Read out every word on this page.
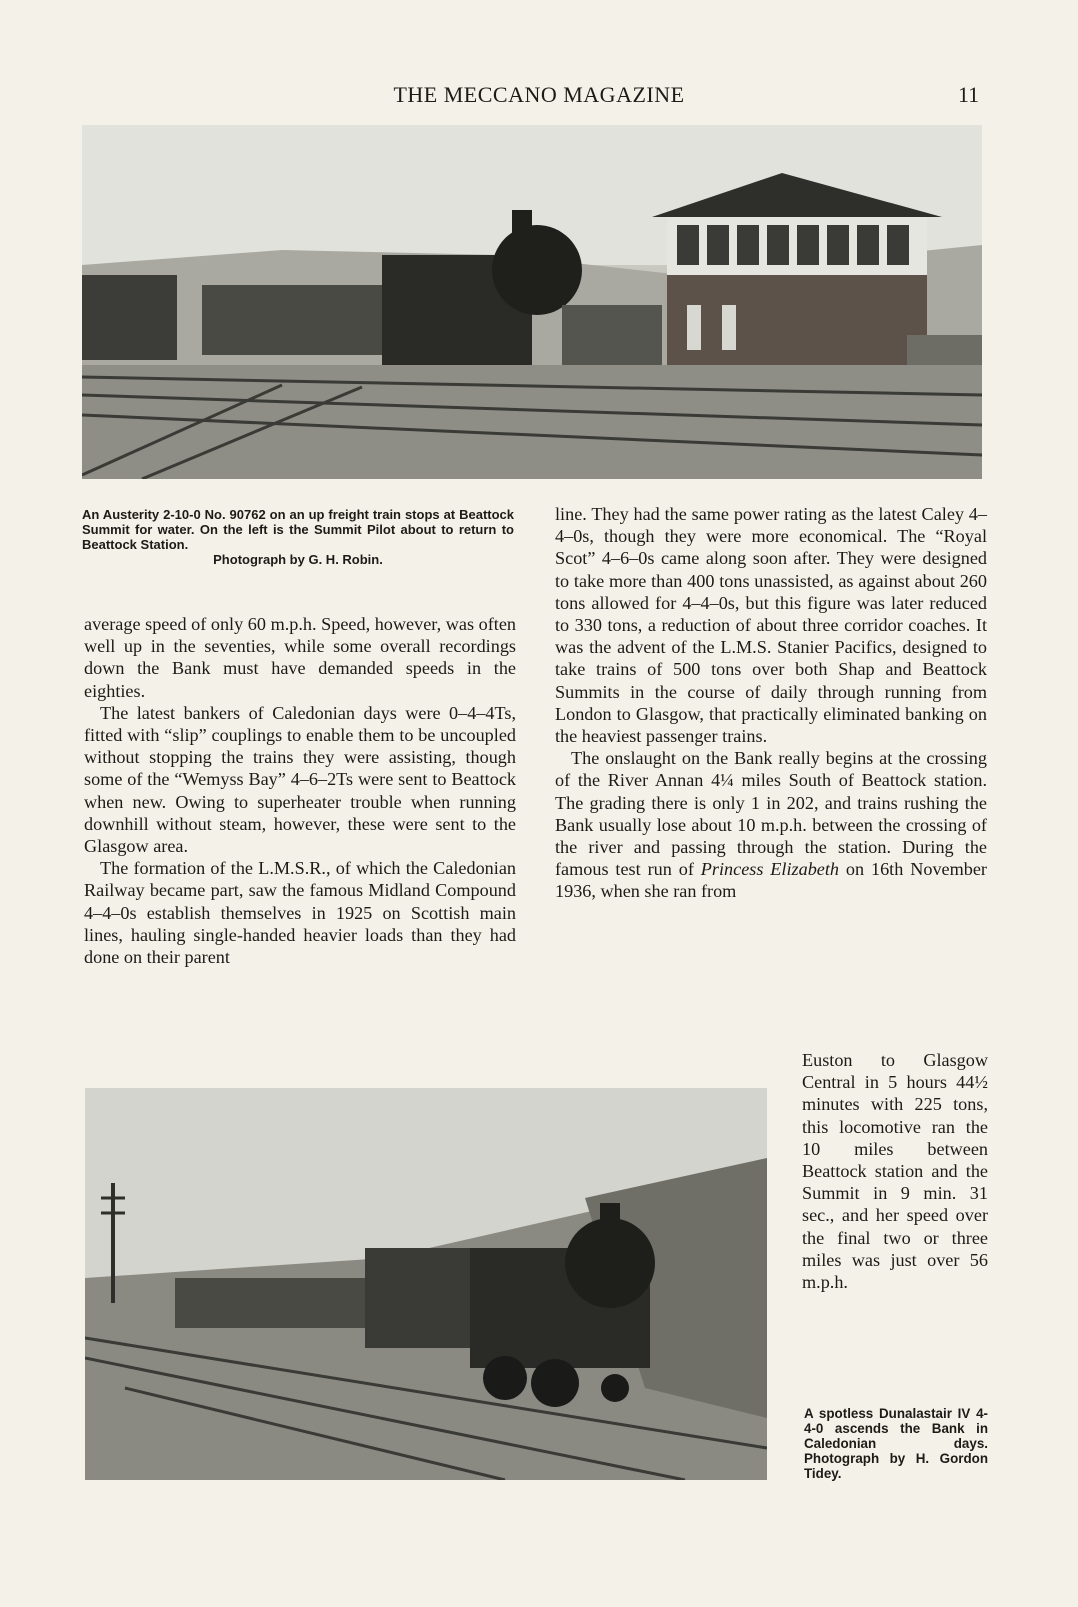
THE MECCANO MAGAZINE	11
An Austerity 2-10-0 No. 90762 on an up freight train stops at Beattock Summit for water. On the left is the Summit Pilot about to return to Beattock Station.
Photograph by G. H. Robin.

average speed of only 60 m.p.h. Speed, however, was often well up in the seventies, while some overall recordings down the Bank must have demanded speeds in the eighties.

The latest bankers of Caledonian days were 0–4–4Ts, fitted with “slip” couplings to enable them to be uncoupled without stopping the trains they were assisting, though some of the “Wemyss Bay” 4–6–2Ts were sent to Beattock when new. Owing to superheater trouble when running downhill without steam, however, these were sent to the Glasgow area.

The formation of the L.M.S.R., of which the Caledonian Railway became part, saw the famous Midland Compound 4–4–0s establish themselves in 1925 on Scottish main lines, hauling single-handed heavier loads than they had done on their parent

line. They had the same power rating as the latest Caley 4–4–0s, though they were more economical. The “Royal Scot” 4–6–0s came along soon after. They were designed to take more than 400 tons unassisted, as against about 260 tons allowed for 4–4–0s, but this figure was later reduced to 330 tons, a reduction of about three corridor coaches. It was the advent of the L.M.S. Stanier Pacifics, designed to take trains of 500 tons over both Shap and Beattock Summits in the course of daily through running from London to Glasgow, that practically eliminated banking on the heaviest passenger trains.

The onslaught on the Bank really begins at the crossing of the River Annan 4¼ miles South of Beattock station. The grading there is only 1 in 202, and trains rushing the Bank usually lose about 10 m.p.h. between the crossing of the river and passing through the station. During the famous test run of Princess Elizabeth on 16th November 1936, when she ran from

Euston to Glasgow Central in 5 hours 44½ minutes with 225 tons, this locomotive ran the 10 miles between Beattock station and the Summit in 9 min. 31 sec., and her speed over the final two or three miles was just over 56 m.p.h.

A spotless Dunalastair IV 4-4-0 ascends the Bank in Caledonian days. Photograph by H. Gordon Tidey.
